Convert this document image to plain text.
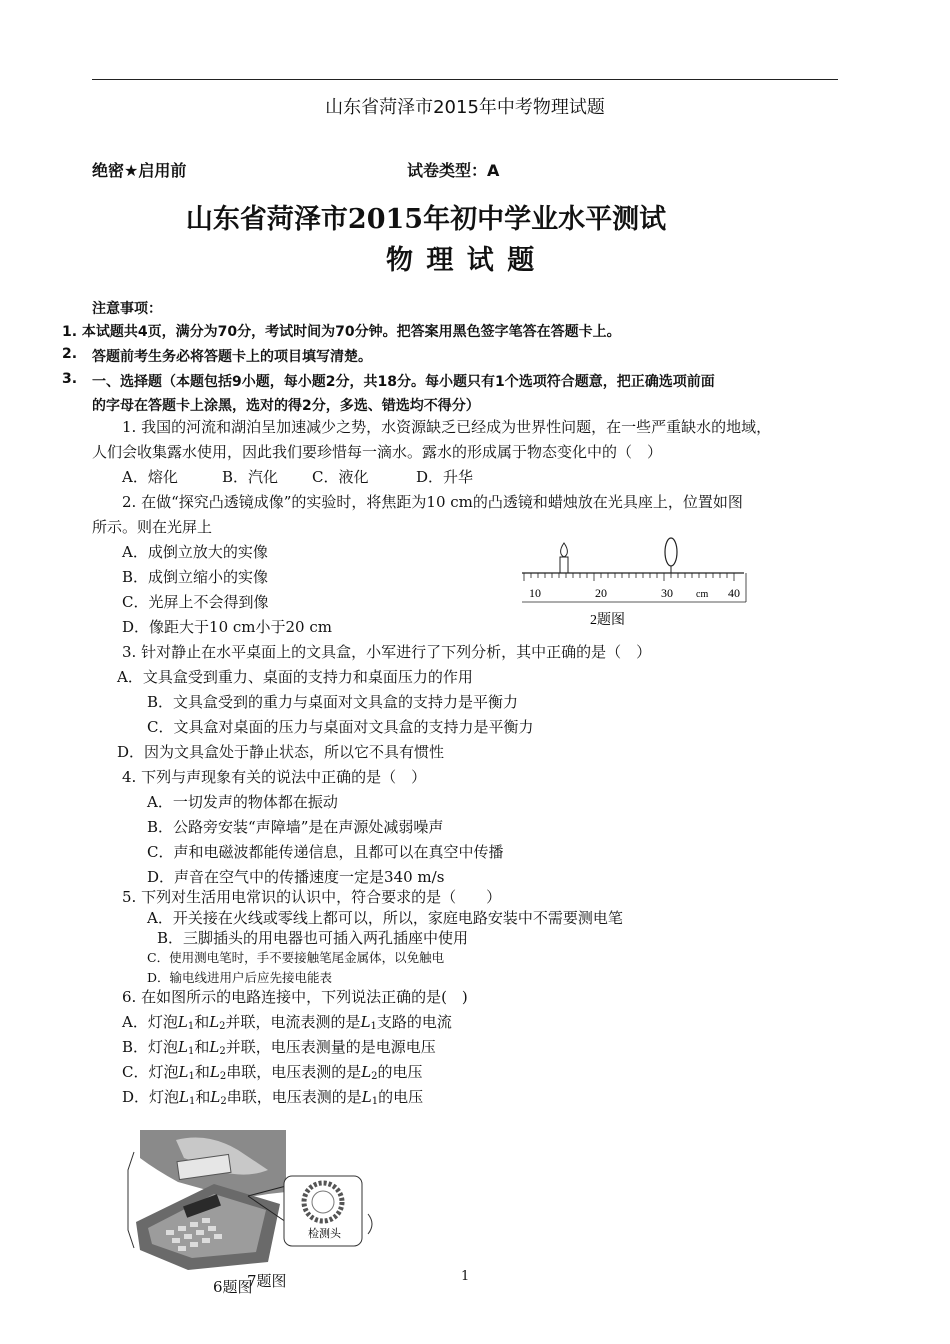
山东省菏泽市2015年中考物理试题
绝密★启用前	试卷类型：A
山东省菏泽市2015年初中学业水平测试
物 理 试 题
注意事项：
1. 本试题共4页，满分为70分，考试时间为70分钟。把答案用黑色签字笔答在答题卡上。
2. 答题前考生务必将答题卡上的项目填写清楚。
3. 一、选择题（本题包括9小题，每小题2分，共18分。每小题只有1个选项符合题意，把正确选项前面
的字母在答题卡上涂黑，选对的得2分，多选、错选均不得分）
1. 我国的河流和湖泊呈加速减少之势，水资源缺乏已经成为世界性问题，在一些严重缺水的地域，
人们会收集露水使用，因此我们要珍惜每一滴水。露水的形成属于物态变化中的（　）
A．熔化	B．汽化 C．液化	D．升华
2. 在做“探究凸透镜成像”的实验时，将焦距为10 cm的凸透镜和蜡烛放在光具座上，位置如图
所示。则在光屏上
A．成倒立放大的实像
B．成倒立缩小的实像
C．光屏上不会得到像
D．像距大于10 cm小于20 cm
10	20	30 cm 40
2题图
3. 针对静止在水平桌面上的文具盒，小军进行了下列分析，其中正确的是（　）
A．文具盒受到重力、桌面的支持力和桌面压力的作用
B．文具盒受到的重力与桌面对文具盒的支持力是平衡力
C．文具盒对桌面的压力与桌面对文具盒的支持力是平衡力
D．因为文具盒处于静止状态，所以它不具有惯性
4. 下列与声现象有关的说法中正确的是（　）
A．一切发声的物体都在振动
B．公路旁安装“声障墙”是在声源处减弱噪声
C．声和电磁波都能传递信息，且都可以在真空中传播
D．声音在空气中的传播速度一定是340 m/s
5. 下列对生活用电常识的认识中，符合要求的是（　　）
A．开关接在火线或零线上都可以，所以，家庭电路安装中不需要测电笔
B．三脚插头的用电器也可插入两孔插座中使用
C．使用测电笔时，手不要接触笔尾金属体，以免触电
D．输电线进用户后应先接电能表
6. 在如图所示的电路连接中，下列说法正确的是(　)
A．灯泡$L_1$和$L_2$并联，电流表测的是$L_1$支路的电流
B．灯泡$L_1$和$L_2$并联，电压表测量的是电源电压
C．灯泡$L_1$和$L_2$串联，电压表测的是$L_2$的电压
D．灯泡$L_1$和$L_2$串联，电压表测的是$L_1$的电压
检测头
6题图
7题图	1
